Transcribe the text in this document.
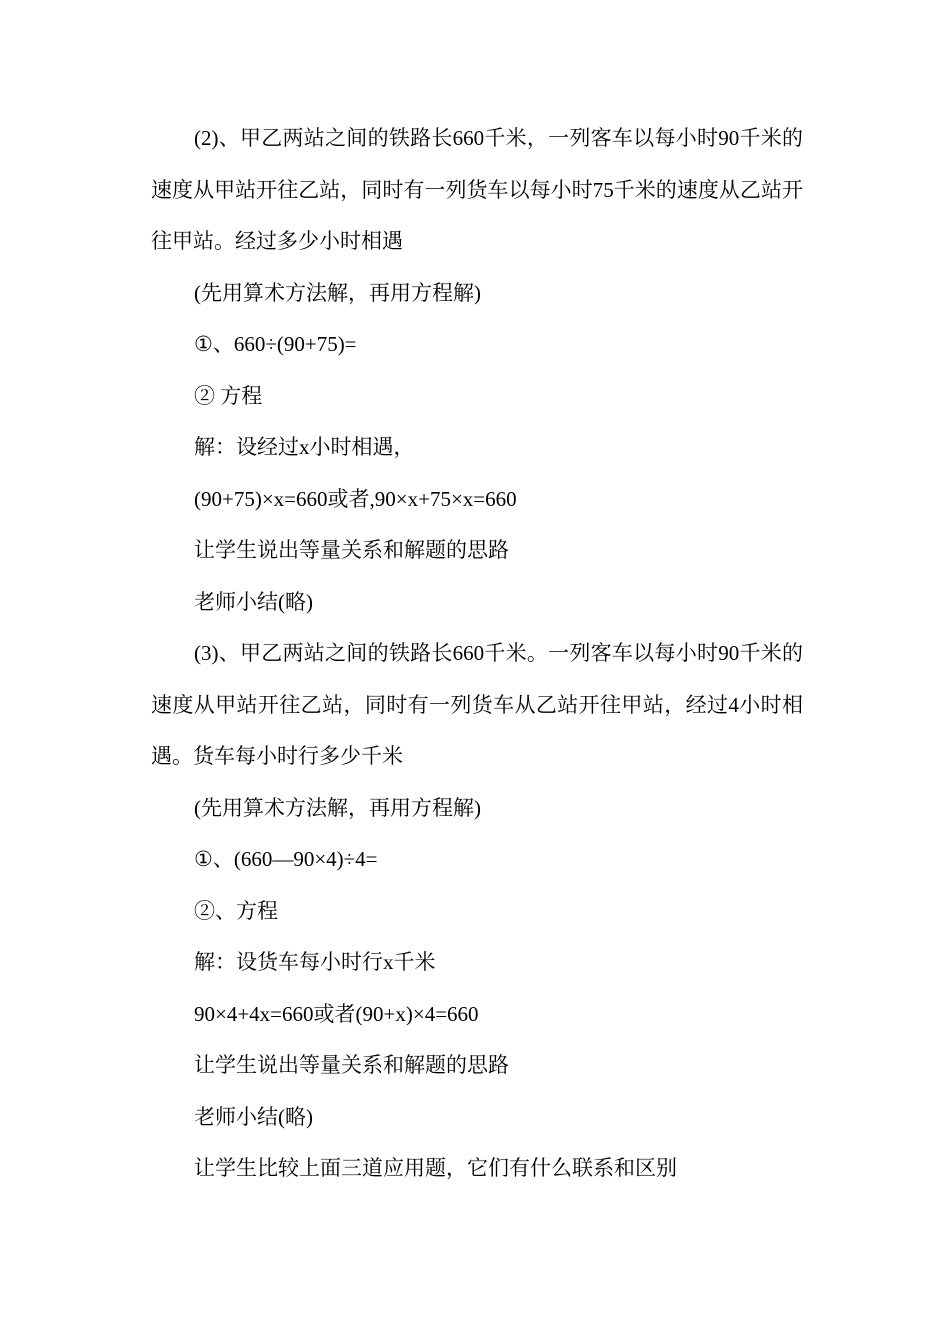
(2)、甲乙两站之间的铁路长660千米，一列客车以每小时90千米的速度从甲站开往乙站，同时有一列货车以每小时75千米的速度从乙站开往甲站。经过多少小时相遇

(先用算术方法解，再用方程解)

①、660÷(90+75)=

② 方程

解：设经过x小时相遇，

(90+75)×x=660或者,90×x+75×x=660

让学生说出等量关系和解题的思路

老师小结(略)

(3)、甲乙两站之间的铁路长660千米。一列客车以每小时90千米的速度从甲站开往乙站，同时有一列货车从乙站开往甲站，经过4小时相遇。货车每小时行多少千米

(先用算术方法解，再用方程解)

①、(660—90×4)÷4=

②、方程

解：设货车每小时行x千米

90×4+4x=660或者(90+x)×4=660

让学生说出等量关系和解题的思路

老师小结(略)

让学生比较上面三道应用题，它们有什么联系和区别
